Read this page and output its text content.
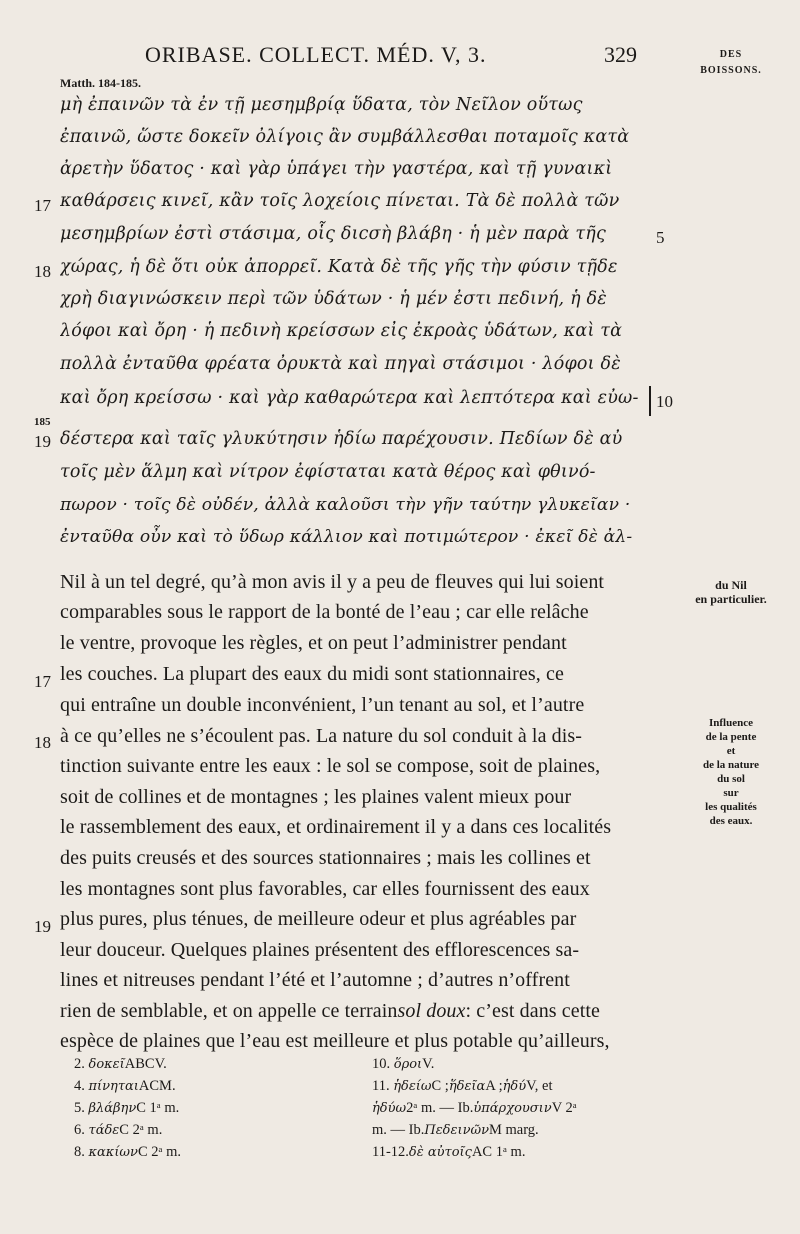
ORIBASE. COLLECT. MÉD. V, 3.	329
Matth. 184-185.
DES
BOISSONS.
du Nil
en particulier.
Influence
de la pente
et
de la nature
du sol
sur
les qualités
des eaux.
μὴ ἐπαινῶν τὰ ἐν τῇ μεσημβρίᾳ ὕδατα, τὸν Νεῖλον οὕτως
ἐπαινῶ, ὥστε δοκεῖν ὀλίγοις ἂν συμβάλλεσθαι ποταμοῖς κατὰ
ἀρετὴν ὕδατος · καὶ γὰρ ὑπάγει τὴν γαστέρα, καὶ τῇ γυναικὶ
καθάρσεις κινεῖ, κἂν τοῖς λοχείοις πίνεται. Τὰ δὲ πολλὰ τῶν
μεσημβρίων ἐστὶ στάσιμα, οἷς διϲσὴ βλάβη · ἡ μὲν παρὰ τῆς
χώρας, ἡ δὲ ὅτι οὐκ ἀπορρεῖ. Κατὰ δὲ τῆς γῆς τὴν φύσιν τῇδε
χρὴ διαγινώσκειν περὶ τῶν ὑδάτων · ἡ μέν ἐστι πεδινή, ἡ δὲ
λόφοι καὶ ὄρη · ἡ πεδινὴ κρείσσων εἰς ἐκροὰς ὑδάτων, καὶ τὰ
πολλὰ ἐνταῦθα φρέατα ὀρυκτὰ καὶ πηγαὶ στάσιμοι · λόφοι δὲ
καὶ ὄρη κρείσσω · καὶ γὰρ καθαρώτερα καὶ λεπτότερα καὶ εὐω-
δέστερα καὶ ταῖς γλυκύτησιν ἡδίω παρέχουσιν. Πεδίων δὲ αὐ
τοῖς μὲν ἅλμη καὶ νίτρον ἐφίσταται κατὰ θέρος καὶ φθινό-
πωρον · τοῖς δὲ οὐδέν, ἀλλὰ καλοῦσι τὴν γῆν ταύτην γλυκεῖαν ·
ἐνταῦθα οὖν καὶ τὸ ὕδωρ κάλλιον καὶ ποτιμώτερον · ἐκεῖ δὲ ἀλ-
17
18
185
19
5
10
Nil à un tel degré, qu’à mon avis il y a peu de fleuves qui lui soient
comparables sous le rapport de la bonté de l’eau ; car elle relâche
le ventre, provoque les règles, et on peut l’administrer pendant
les couches. La plupart des eaux du midi sont stationnaires, ce
qui entraîne un double inconvénient, l’un tenant au sol, et l’autre
à ce qu’elles ne s’écoulent pas. La nature du sol conduit à la dis-
tinction suivante entre les eaux : le sol se compose, soit de plaines,
soit de collines et de montagnes ; les plaines valent mieux pour
le rassemblement des eaux, et ordinairement il y a dans ces localités
des puits creusés et des sources stationnaires ; mais les collines et
les montagnes sont plus favorables, car elles fournissent des eaux
plus pures, plus ténues, de meilleure odeur et plus agréables par
leur douceur. Quelques plaines présentent des efflorescences sa-
lines et nitreuses pendant l’été et l’automne ; d’autres n’offrent
rien de semblable, et on appelle ce terrain sol doux : c’est dans cette
espèce de plaines que l’eau est meilleure et plus potable qu’ailleurs,
17
18
19
2.
δοκεῖ ABCV.
4.
πίνηται ACM.
5.
βλάβην C 1ᵃ m.
6.
τάδε C 2ᵃ m.
8.
κακίων C 2ᵃ m.
10.
ὅροι V.
11.
ἡδείω C ; ἥδεῖα A ; ἡδύ V, et
ἡδύω 2ᵃ m. — Ib. ὑπάρχουσιν V 2ᵃ
m. — Ib. Πεδεινῶν M marg.
11-12. δὲ αὐτοῖς AC 1ᵃ m.
